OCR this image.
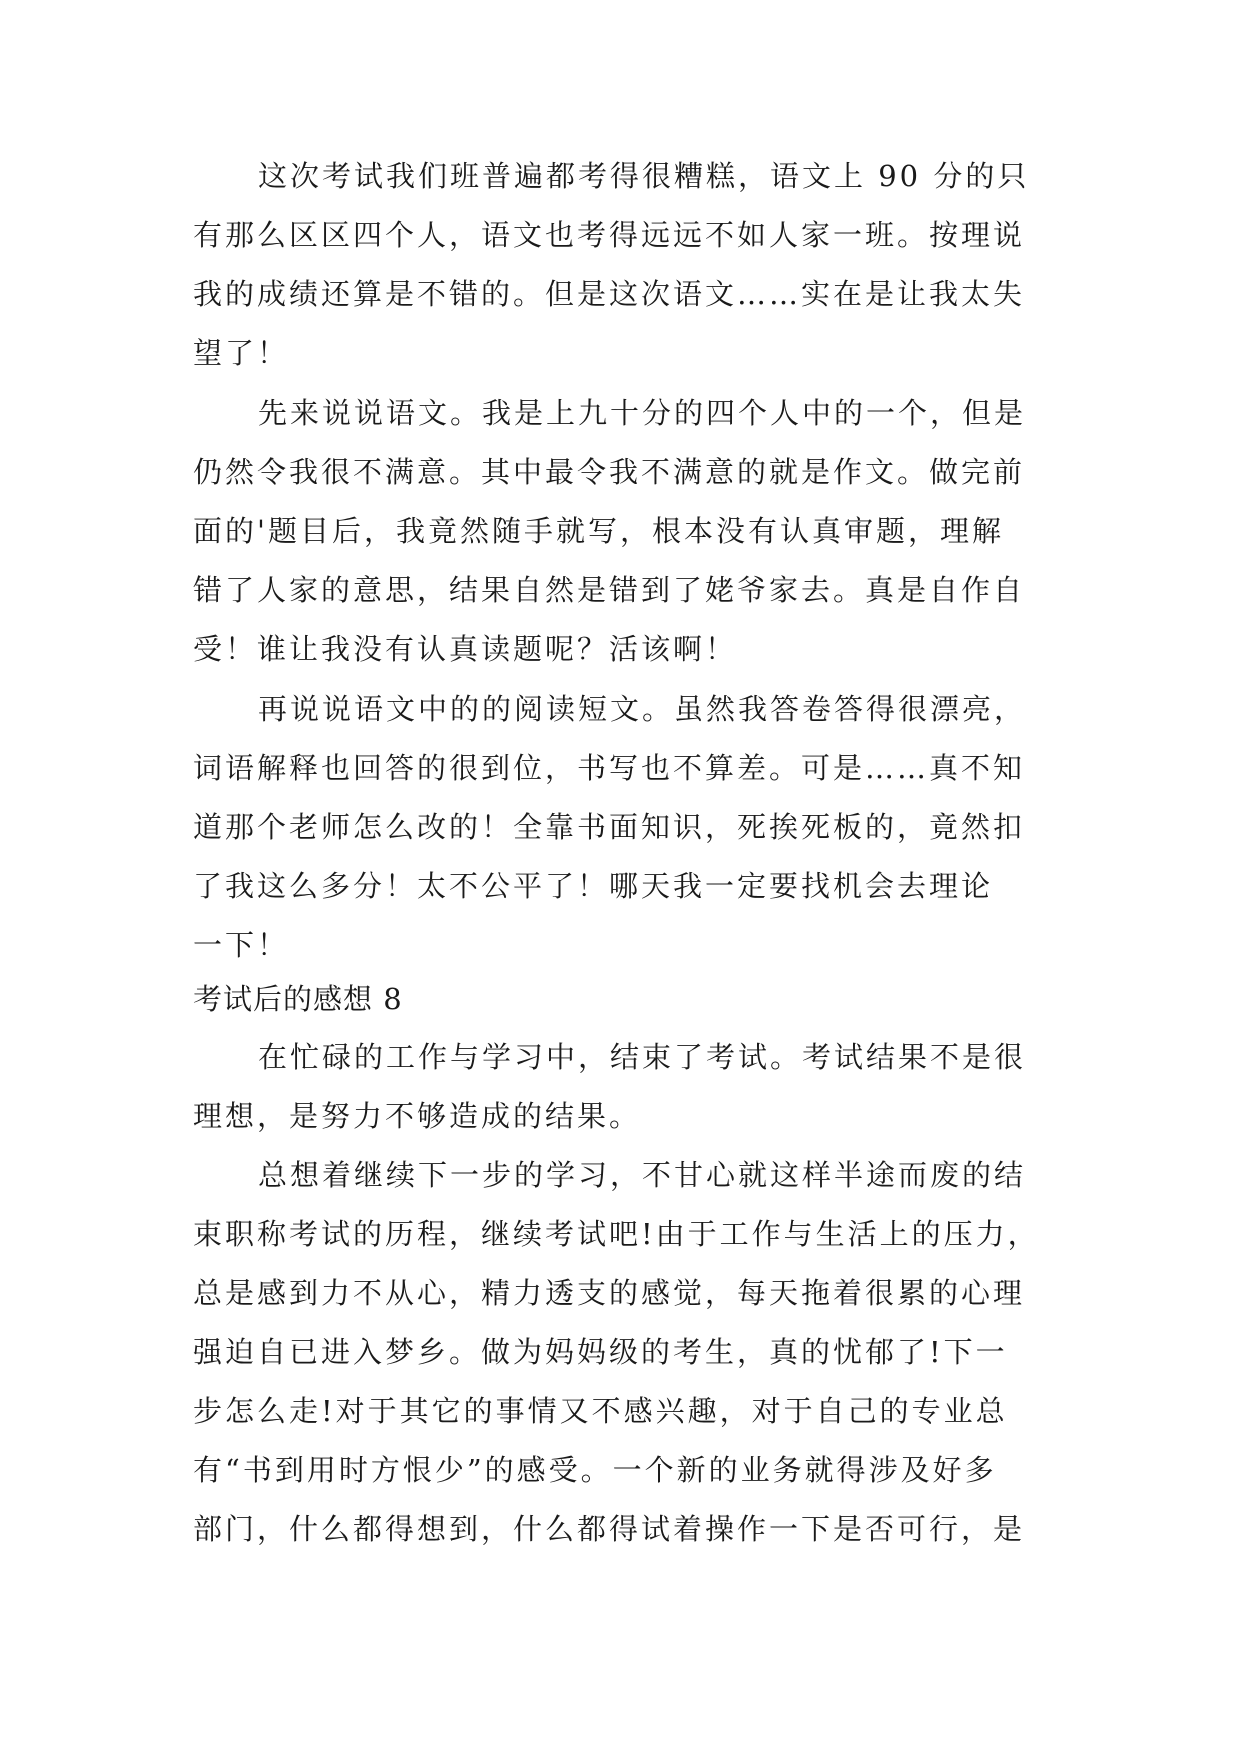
这次考试我们班普遍都考得很糟糕，语文上 90 分的只
有那么区区四个人，语文也考得远远不如人家一班。按理说
我的成绩还算是不错的。但是这次语文……实在是让我太失
望了！
先来说说语文。我是上九十分的四个人中的一个，但是
仍然令我很不满意。其中最令我不满意的就是作文。做完前
面的'题目后，我竟然随手就写，根本没有认真审题，理解
错了人家的意思，结果自然是错到了姥爷家去。真是自作自
受！谁让我没有认真读题呢？活该啊！
再说说语文中的的阅读短文。虽然我答卷答得很漂亮，
词语解释也回答的很到位，书写也不算差。可是……真不知
道那个老师怎么改的！全靠书面知识，死挨死板的，竟然扣
了我这么多分！太不公平了！哪天我一定要找机会去理论
一下！
考试后的感想 8
在忙碌的工作与学习中，结束了考试。考试结果不是很
理想，是努力不够造成的结果。
总想着继续下一步的学习，不甘心就这样半途而废的结
束职称考试的历程，继续考试吧!由于工作与生活上的压力，
总是感到力不从心，精力透支的感觉，每天拖着很累的心理
强迫自已进入梦乡。做为妈妈级的考生，真的忧郁了!下一
步怎么走!对于其它的事情又不感兴趣，对于自己的专业总
有“书到用时方恨少”的感受。一个新的业务就得涉及好多
部门，什么都得想到，什么都得试着操作一下是否可行，是
